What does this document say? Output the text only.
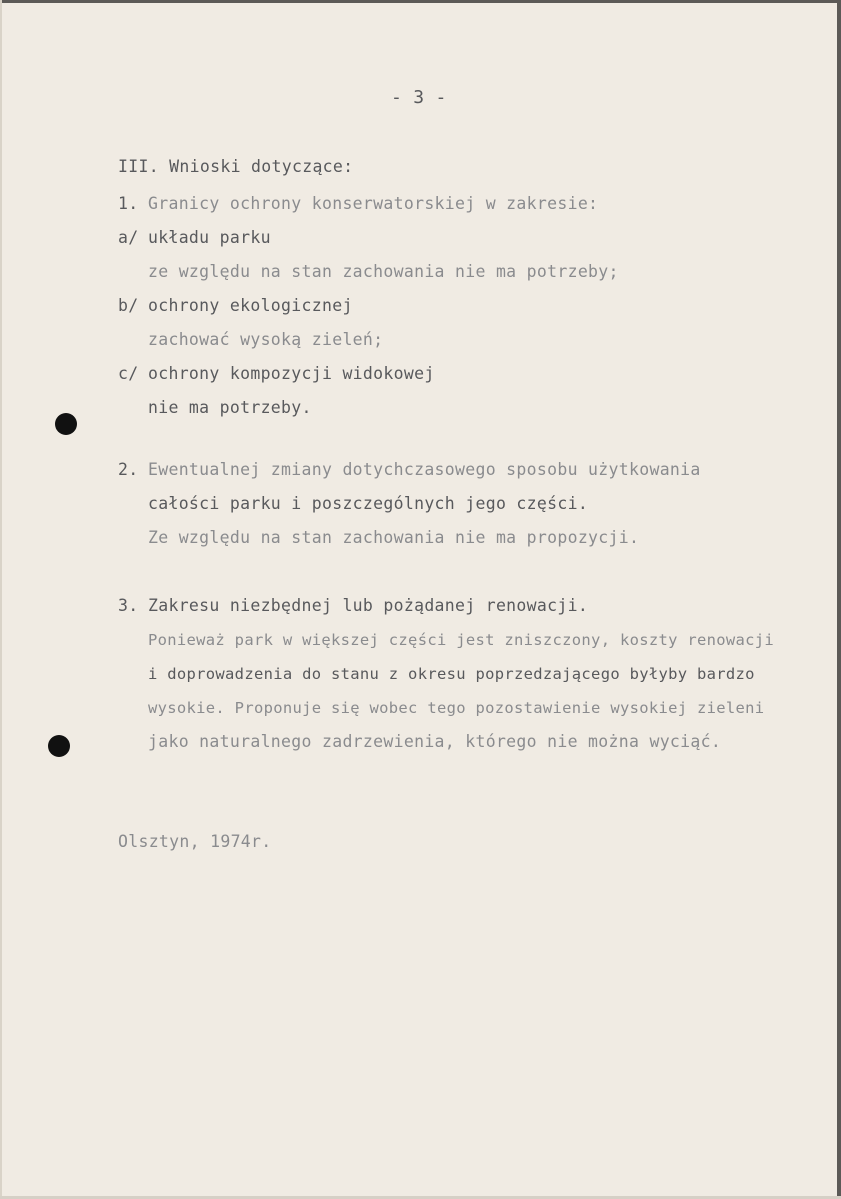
- 3 -
III. Wnioski dotyczące:
1. Granicy ochrony konserwatorskiej w zakresie:
a/ układu parku
ze względu na stan zachowania nie ma potrzeby;
b/ ochrony ekologicznej
zachować wysoką zieleń;
c/ ochrony kompozycji widokowej
nie ma potrzeby.
2. Ewentualnej zmiany dotychczasowego sposobu użytkowania
całości parku i poszczególnych jego części.
Ze względu na stan zachowania nie ma propozycji.
3. Zakresu niezbędnej lub pożądanej renowacji.
Ponieważ park w większej części jest zniszczony, koszty renowacji
i doprowadzenia do stanu z okresu poprzedzającego byłyby bardzo
wysokie. Proponuje się wobec tego pozostawienie wysokiej zieleni
jako naturalnego zadrzewienia, którego nie można wyciąć.
Olsztyn, 1974r.
